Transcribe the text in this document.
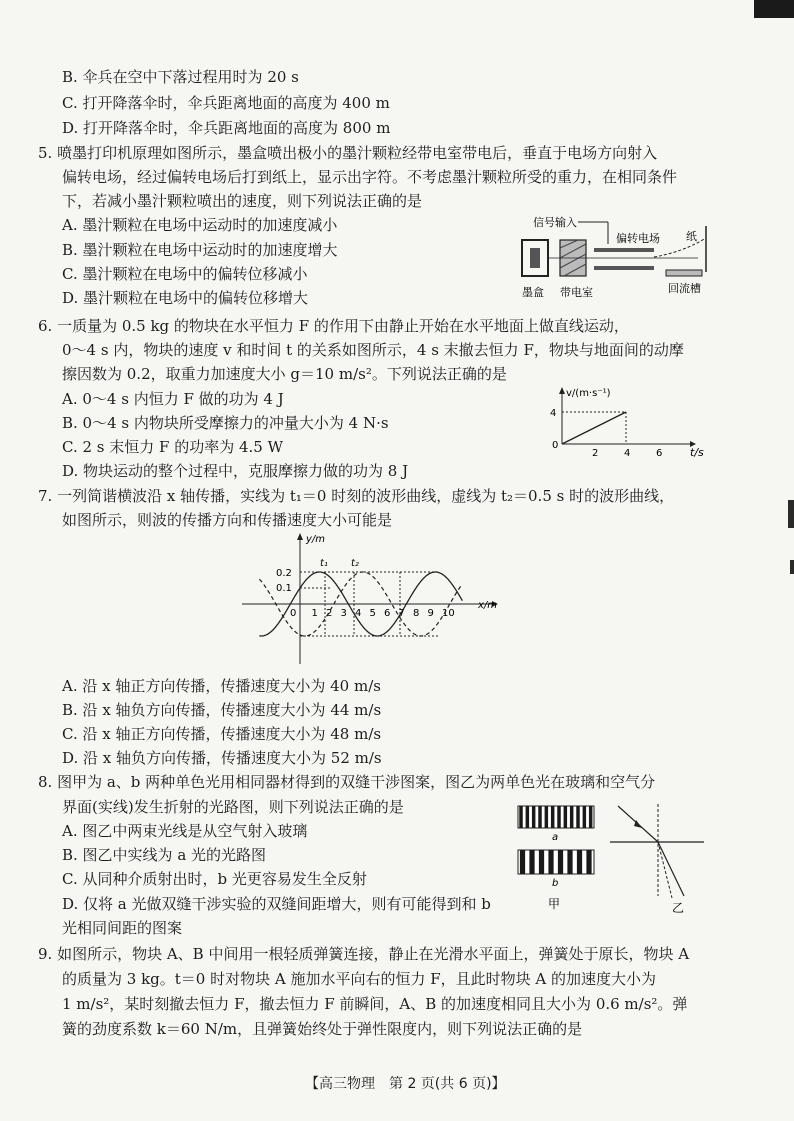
B. 伞兵在空中下落过程用时为 20 s
C. 打开降落伞时，伞兵距离地面的高度为 400 m
D. 打开降落伞时，伞兵距离地面的高度为 800 m
5. 喷墨打印机原理如图所示，墨盒喷出极小的墨汁颗粒经带电室带电后，垂直于电场方向射入
偏转电场，经过偏转电场后打到纸上，显示出字符。不考虑墨汁颗粒所受的重力，在相同条件
下，若减小墨汁颗粒喷出的速度，则下列说法正确的是
A. 墨汁颗粒在电场中运动时的加速度减小
B. 墨汁颗粒在电场中运动时的加速度增大
C. 墨汁颗粒在电场中的偏转位移减小
D. 墨汁颗粒在电场中的偏转位移增大
信号输入
偏转电场 纸
墨盒 带电室	回流槽
6. 一质量为 0.5 kg 的物块在水平恒力 F 的作用下由静止开始在水平地面上做直线运动，
0～4 s 内，物块的速度 v 和时间 t 的关系如图所示，4 s 末撤去恒力 F，物块与地面间的动摩
擦因数为 0.2，取重力加速度大小 g＝10 m/s²。下列说法正确的是
A. 0～4 s 内恒力 F 做的功为 4 J
B. 0～4 s 内物块所受摩擦力的冲量大小为 4 N·s
C. 2 s 末恒力 F 的功率为 4.5 W
D. 物块运动的整个过程中，克服摩擦力做的功为 8 J
v/(m·s⁻¹)
t/s
4
0
2	4	6
7. 一列简谐横波沿 x 轴传播，实线为 t₁＝0 时刻的波形曲线，虚线为 t₂＝0.5 s 时的波形曲线，
如图所示，则波的传播方向和传播速度大小可能是
y/m
x/m
0.2
0.1
0
t₁ t₂
1 2 3 4 5 6 7 8 9 10
A. 沿 x 轴正方向传播，传播速度大小为 40 m/s
B. 沿 x 轴负方向传播，传播速度大小为 44 m/s
C. 沿 x 轴正方向传播，传播速度大小为 48 m/s
D. 沿 x 轴负方向传播，传播速度大小为 52 m/s
8. 图甲为 a、b 两种单色光用相同器材得到的双缝干涉图案，图乙为两单色光在玻璃和空气分
界面(实线)发生折射的光路图，则下列说法正确的是
A. 图乙中两束光线是从空气射入玻璃
B. 图乙中实线为 a 光的光路图
C. 从同种介质射出时，b 光更容易发生全反射
D. 仅将 a 光做双缝干涉实验的双缝间距增大，则有可能得到和 b
光相同间距的图案
a
b
甲	乙
9. 如图所示，物块 A、B 中间用一根轻质弹簧连接，静止在光滑水平面上，弹簧处于原长，物块 A
的质量为 3 kg。t＝0 时对物块 A 施加水平向右的恒力 F，且此时物块 A 的加速度大小为
1 m/s²，某时刻撤去恒力 F，撤去恒力 F 前瞬间，A、B 的加速度相同且大小为 0.6 m/s²。弹
簧的劲度系数 k＝60 N/m，且弹簧始终处于弹性限度内，则下列说法正确的是
【高三物理　第 2 页(共 6 页)】
